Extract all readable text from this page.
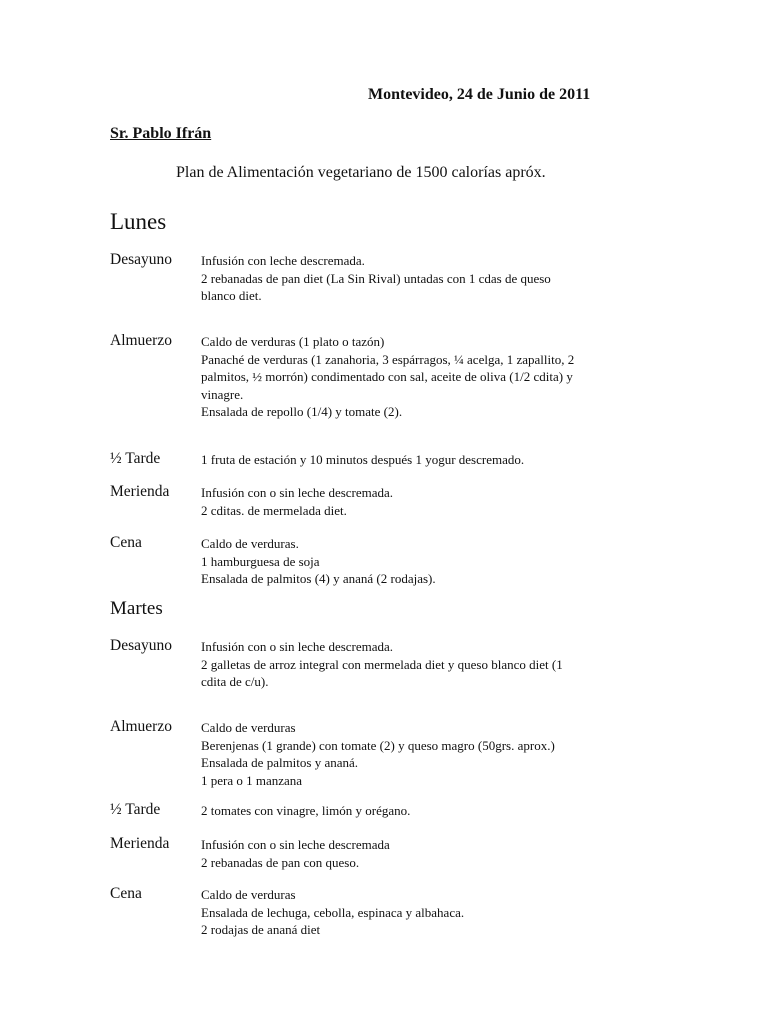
Montevideo, 24 de Junio de 2011
Sr. Pablo Ifrán
Plan de Alimentación vegetariano de 1500 calorías apróx.
Lunes
Desayuno Infusión con leche descremada.
2 rebanadas de pan diet (La Sin Rival) untadas con 1 cdas de queso
blanco diet.
Almuerzo Caldo de verduras (1 plato o tazón)
Panaché de verduras (1 zanahoria, 3 espárragos, ¼ acelga, 1 zapallito, 2
palmitos, ½ morrón) condimentado con sal, aceite de oliva (1/2 cdita) y
vinagre.
Ensalada de repollo (1/4) y tomate (2).
½ Tarde	1 fruta de estación y 10 minutos después 1 yogur descremado.
Merienda Infusión con o sin leche descremada.
2 cditas. de mermelada diet.
Cena	Caldo de verduras.
1 hamburguesa de soja
Ensalada de palmitos (4) y ananá (2 rodajas).
Martes
Desayuno Infusión con o sin leche descremada.
2 galletas de arroz integral con mermelada diet y queso blanco diet (1
cdita de c/u).
Almuerzo Caldo de verduras
Berenjenas (1 grande) con tomate (2) y queso magro (50grs. aprox.)
Ensalada de palmitos y ananá.
1 pera o 1 manzana
½ Tarde	2 tomates con vinagre, limón y orégano.
Merienda Infusión con o sin leche descremada
2 rebanadas de pan con queso.
Cena	Caldo de verduras
Ensalada de lechuga, cebolla, espinaca y albahaca.
2 rodajas de ananá diet
